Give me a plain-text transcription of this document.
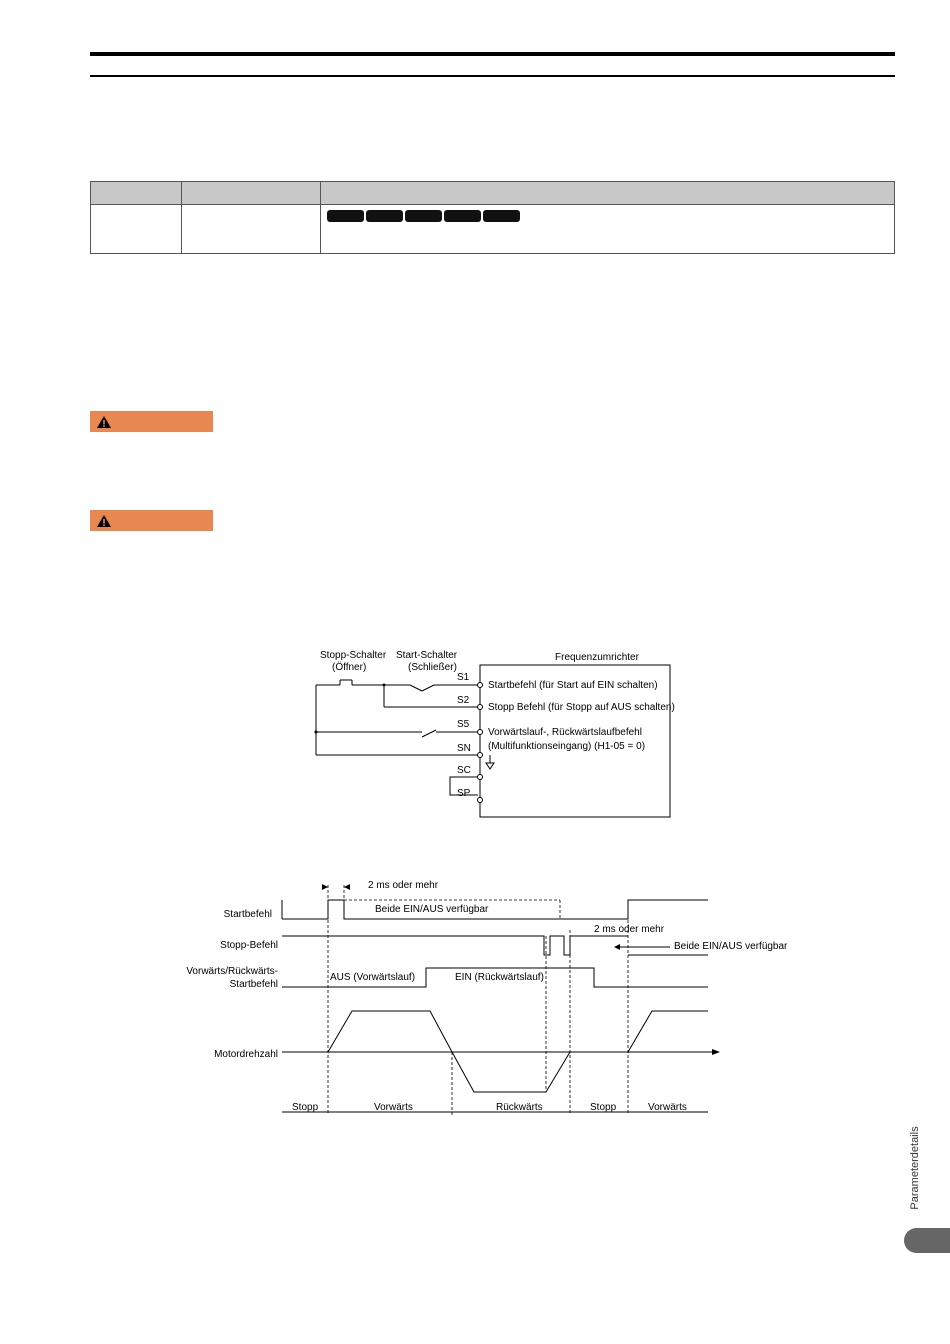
Stopp-Schalter
(Öffner)
Start-Schalter
(Schließer)
Frequenzumrichter
S1
S2
S5
SN
SC
SP
Startbefehl (für Start auf EIN schalten)
Stopp Befehl (für Stopp auf AUS schalten)
Vorwärtslauf-, Rückwärtslaufbefehl
(Multifunktionseingang) (H1-05 = 0)
2 ms oder mehr
Beide EIN/AUS verfügbar
2 ms oder mehr
Beide EIN/AUS verfügbar
AUS (Vorwärtslauf)	EIN (Rückwärtslauf)
Startbefehl
Stopp-Befehl
Vorwärts/Rückwärts-
Startbefehl
Motordrehzahl
Stopp	Vorwärts	Rückwärts	Stopp	Vorwärts
Parameterdetails
